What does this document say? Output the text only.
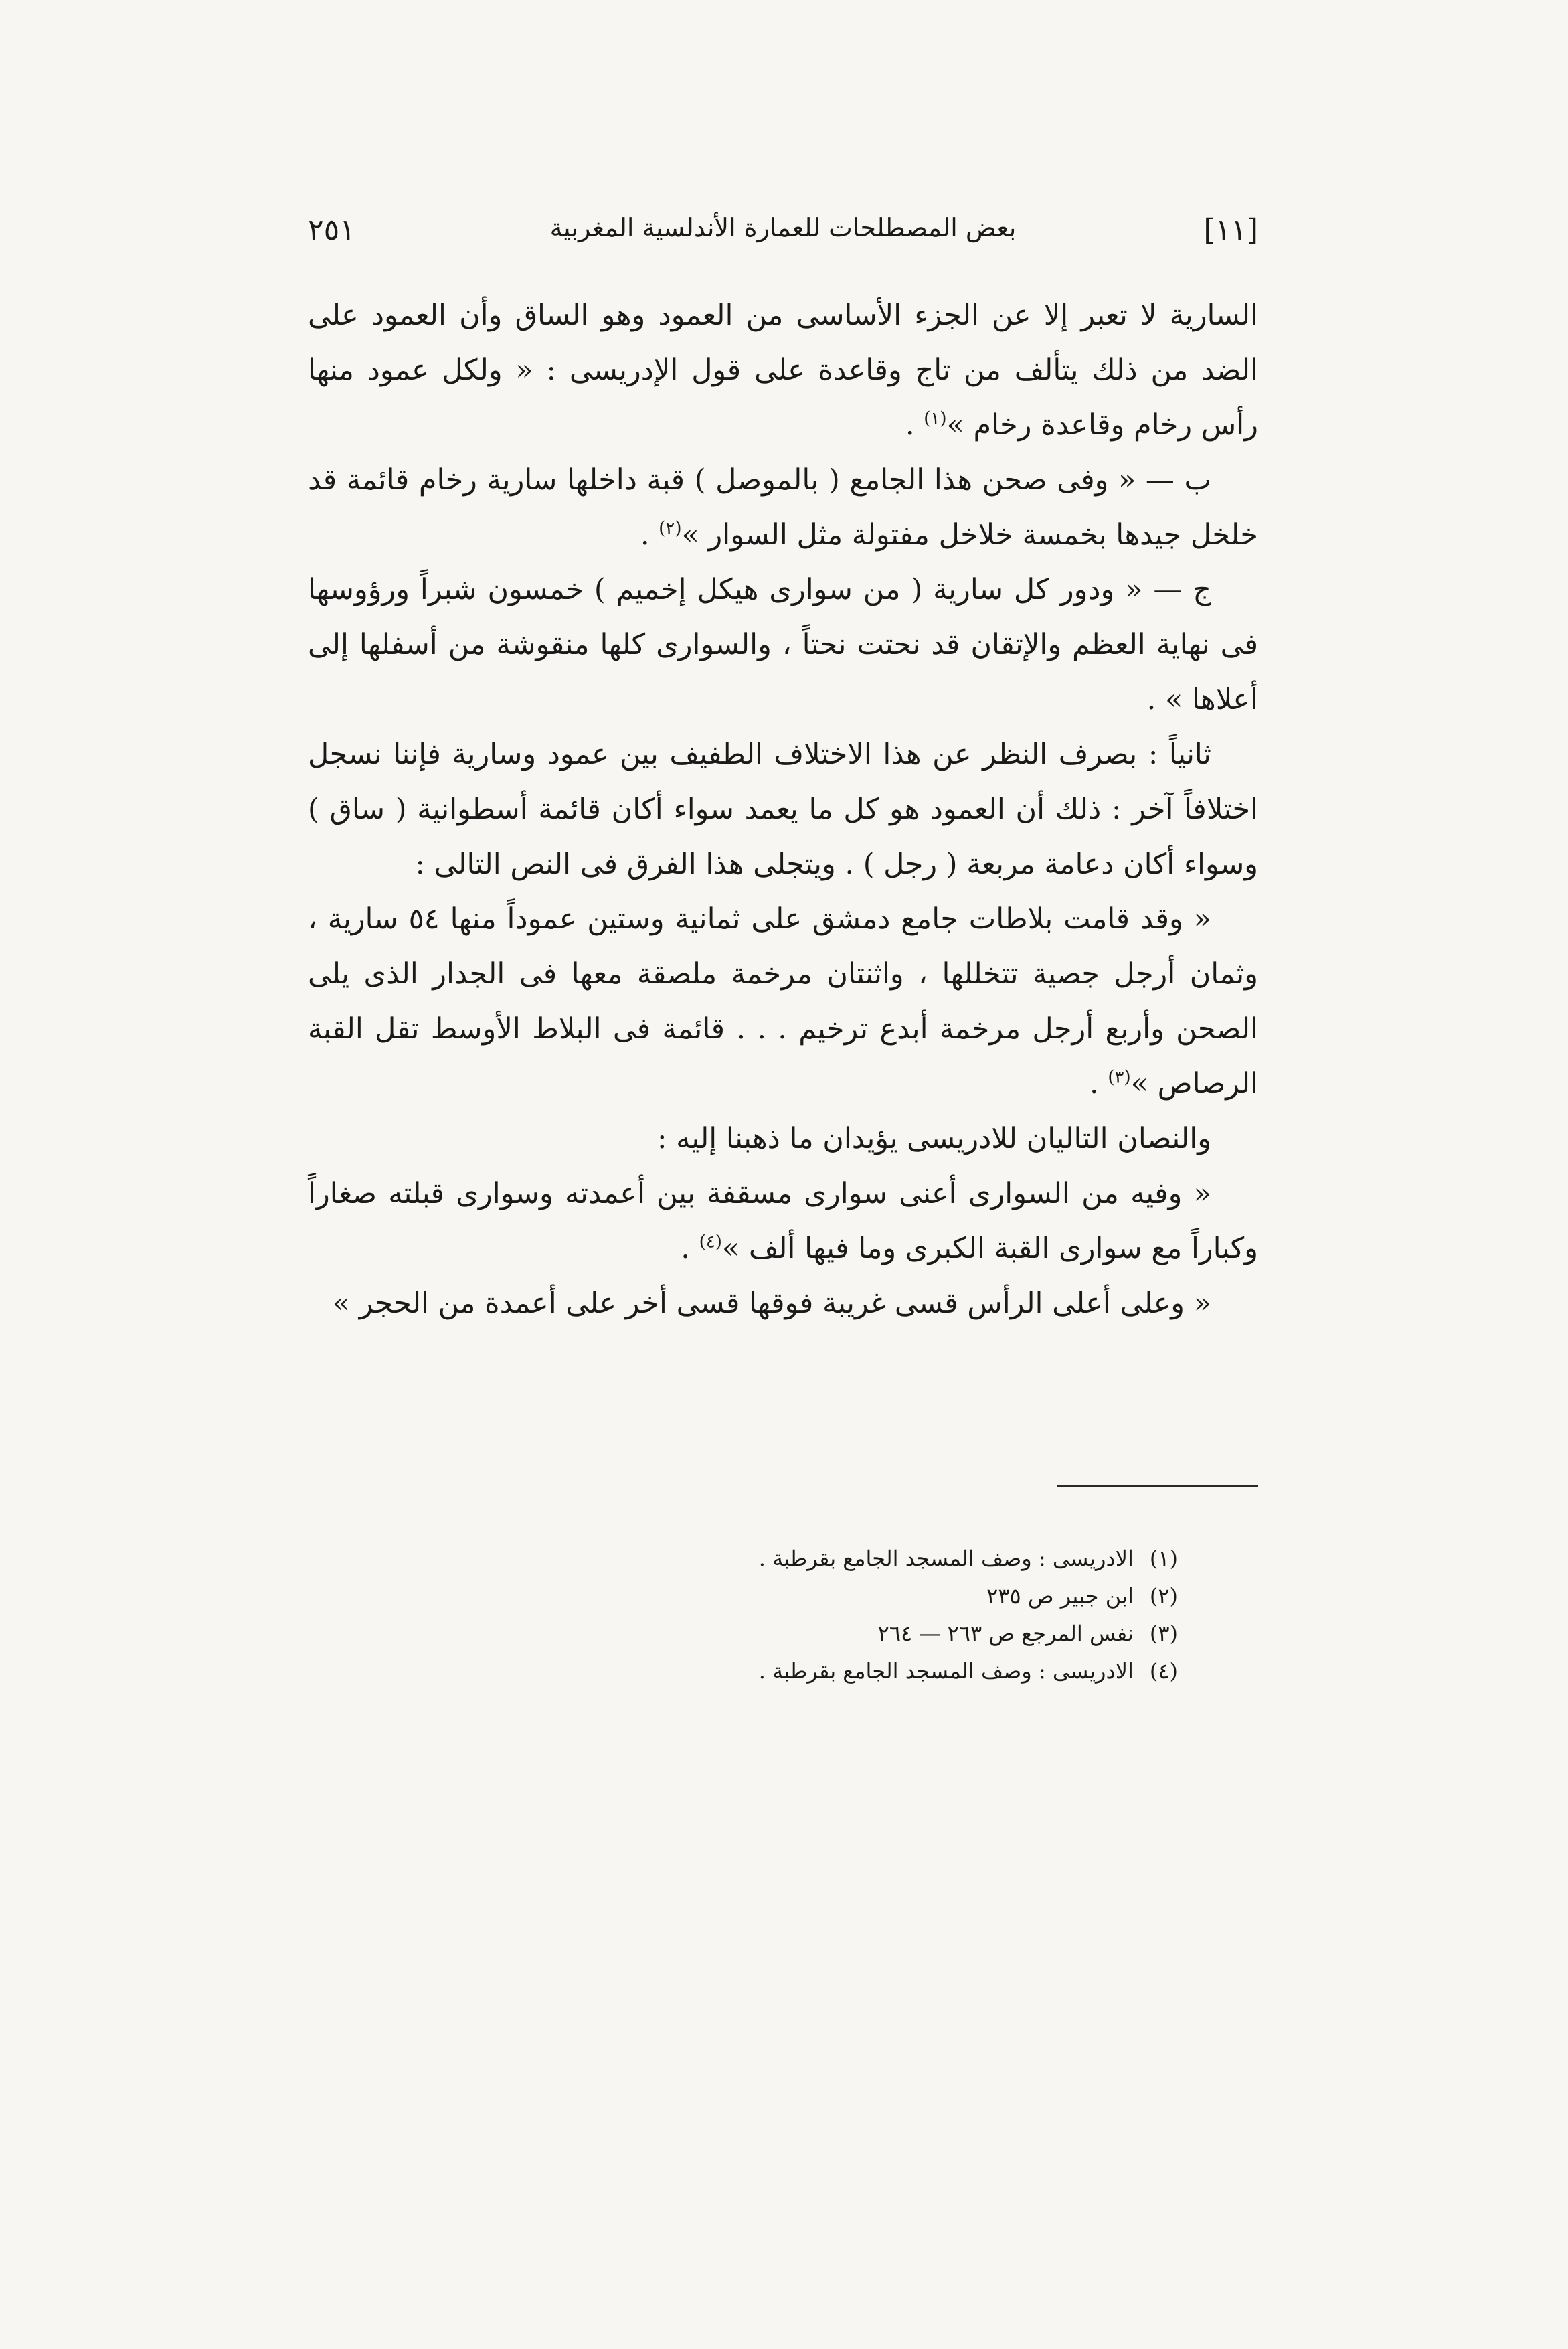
[١١]
بعض المصطلحات للعمارة الأندلسية المغربية
٢٥١

السارية لا تعبر إلا عن الجزء الأساسى من العمود وهو الساق وأن العمود على الضد من ذلك يتألف من تاج وقاعدة على قول الإدريسى : « ولكل عمود منها رأس رخام وقاعدة رخام »$^{(١)}$ .

ب — « وفى صحن هذا الجامع ( بالموصل ) قبة داخلها سارية رخام قائمة قد خلخل جيدها بخمسة خلاخل مفتولة مثل السوار »$^{(٢)}$ .

ج — « ودور كل سارية ( من سوارى هيكل إخميم ) خمسون شبراً ورؤوسها فى نهاية العظم والإتقان قد نحتت نحتاً ، والسوارى كلها منقوشة من أسفلها إلى أعلاها » .

ثانياً : بصرف النظر عن هذا الاختلاف الطفيف بين عمود وسارية فإننا نسجل اختلافاً آخر : ذلك أن العمود هو كل ما يعمد سواء أكان قائمة أسطوانية ( ساق ) وسواء أكان دعامة مربعة ( رجل ) . ويتجلى هذا الفرق فى النص التالى :

« وقد قامت بلاطات جامع دمشق على ثمانية وستين عموداً منها ٥٤ سارية ، وثمان أرجل جصية تتخللها ، واثنتان مرخمة ملصقة معها فى الجدار الذى يلى الصحن وأربع أرجل مرخمة أبدع ترخيم . . . قائمة فى البلاط الأوسط تقل القبة الرصاص »$^{(٣)}$ .

والنصان التاليان للادريسى يؤيدان ما ذهبنا إليه :

« وفيه من السوارى أعنى سوارى مسقفة بين أعمدته وسوارى قبلته صغاراً وكباراً مع سوارى القبة الكبرى وما فيها ألف »$^{(٤)}$ .

« وعلى أعلى الرأس قسى غريبة فوقها قسى أخر على أعمدة من الحجر »

(١)الادريسى : وصف المسجد الجامع بقرطبة .

(٢)ابن جبير ص ٢٣٥

(٣)نفس المرجع ص ٢٦٣ — ٢٦٤

(٤)الادريسى : وصف المسجد الجامع بقرطبة .
